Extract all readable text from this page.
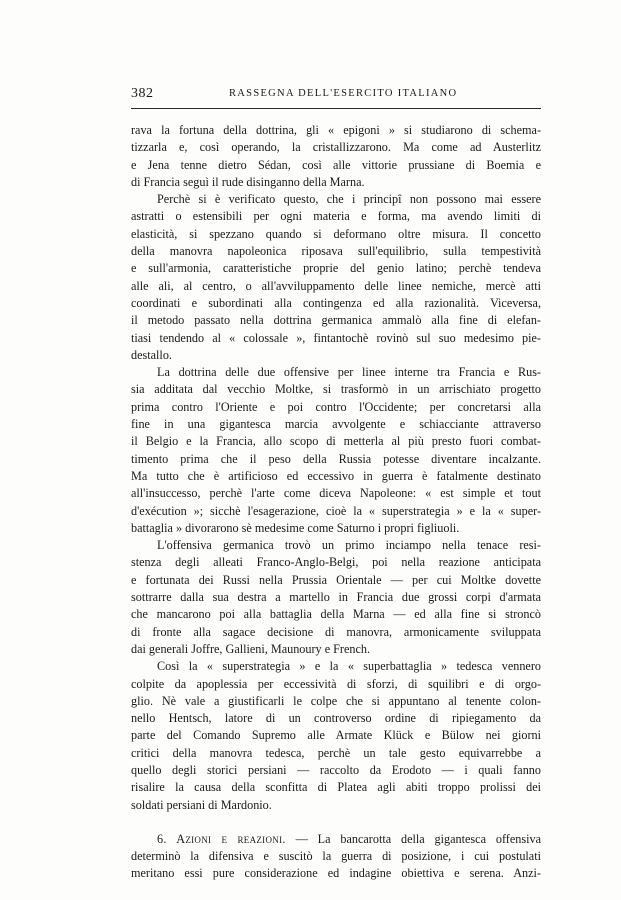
382	RASSEGNA DELL'ESERCITO ITALIANO
rava la fortuna della dottrina, gli « epigoni » si studiarono di schema-
tizzarla e, così operando, la cristallizzarono. Ma come ad Austerlitz
e Jena tenne dietro Sédan, così alle vittorie prussiane di Boemia e
di Francia seguì il rude disinganno della Marna.
Perchè si è verificato questo, che i principî non possono mai essere
astratti o estensibili per ogni materia e forma, ma avendo limiti di
elasticità, si spezzano quando si deformano oltre misura. Il concetto
della manovra napoleonica riposava sull'equilibrio, sulla tempestività
e sull'armonia, caratteristiche proprie del genio latino; perchè tendeva
alle ali, al centro, o all'avviluppamento delle linee nemiche, mercè atti
coordinati e subordinati alla contingenza ed alla razionalità. Viceversa,
il metodo passato nella dottrina germanica ammalò alla fine di elefan-
tiasi tendendo al « colossale », fintantochè rovinò sul suo medesimo pie-
destallo.
La dottrina delle due offensive per linee interne tra Francia e Rus-
sia additata dal vecchio Moltke, si trasformò in un arrischiato progetto
prima contro l'Oriente e poi contro l'Occidente; per concretarsi alla
fine in una gigantesca marcia avvolgente e schiacciante attraverso
il Belgio e la Francia, allo scopo di metterla al più presto fuori combat-
timento prima che il peso della Russia potesse diventare incalzante.
Ma tutto che è artificioso ed eccessivo in guerra è fatalmente destinato
all'insuccesso, perchè l'arte come diceva Napoleone: « est simple et tout
d'exécution »; sicchè l'esagerazione, cioè la « superstrategia » e la « super-
battaglia » divorarono sè medesime come Saturno i propri figliuoli.
L'offensiva germanica trovò un primo inciampo nella tenace resi-
stenza degli alleati Franco-Anglo-Belgi, poi nella reazione anticipata
e fortunata dei Russi nella Prussia Orientale — per cui Moltke dovette
sottrarre dalla sua destra a martello in Francia due grossi corpi d'armata
che mancarono poi alla battaglia della Marna — ed alla fine si stroncò
di fronte alla sagace decisione di manovra, armonicamente sviluppata
dai generali Joffre, Gallieni, Maunoury e French.
Così la « superstrategia » e la « superbattaglia » tedesca vennero
colpite da apoplessia per eccessività di sforzi, di squilibri e di orgo-
glio. Nè vale a giustificarli le colpe che si appuntano al tenente colon-
nello Hentsch, latore di un controverso ordine di ripiegamento da
parte del Comando Supremo alle Armate Klück e Bülow nei giorni
critici della manovra tedesca, perchè un tale gesto equivarrebbe a
quello degli storici persiani — raccolto da Erodoto — i quali fanno
risalire la causa della sconfitta di Platea agli abiti troppo prolissi dei
soldati persiani di Mardonio.
6. Azioni e reazioni. — La bancarotta della gigantesca offensiva
determinò la difensiva e suscitò la guerra di posizione, i cui postulati
meritano essi pure considerazione ed indagine obiettiva e serena. Anzi-
